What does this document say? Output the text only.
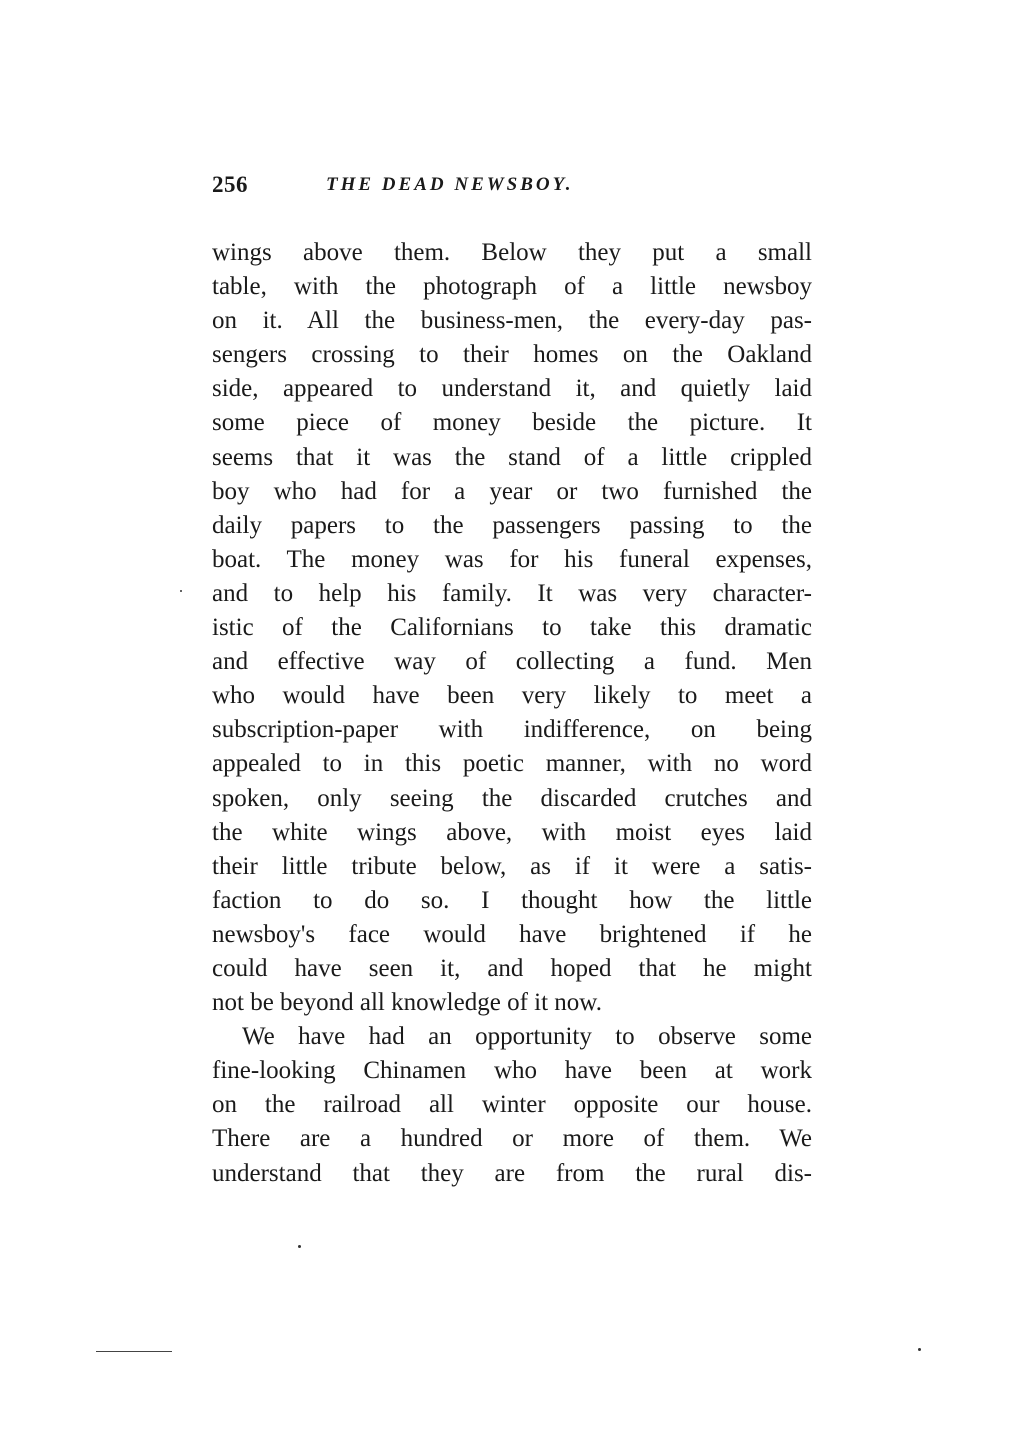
256	THE DEAD NEWSBOY.
wings above them. Below they put a small
table, with the photograph of a little newsboy
on it. All the business-men, the every-day pas-
sengers crossing to their homes on the Oakland
side, appeared to understand it, and quietly laid
some piece of money beside the picture. It
seems that it was the stand of a little crippled
boy who had for a year or two furnished the
daily papers to the passengers passing to the
boat. The money was for his funeral expenses,
and to help his family. It was very character-
istic of the Californians to take this dramatic
and effective way of collecting a fund. Men
who would have been very likely to meet a
subscription-paper with indifference, on being
appealed to in this poetic manner, with no word
spoken, only seeing the discarded crutches and
the white wings above, with moist eyes laid
their little tribute below, as if it were a satis-
faction to do so. I thought how the little
newsboy's face would have brightened if he
could have seen it, and hoped that he might
not be beyond all knowledge of it now.
We have had an opportunity to observe some
fine-looking Chinamen who have been at work
on the railroad all winter opposite our house.
There are a hundred or more of them. We
understand that they are from the rural dis-
